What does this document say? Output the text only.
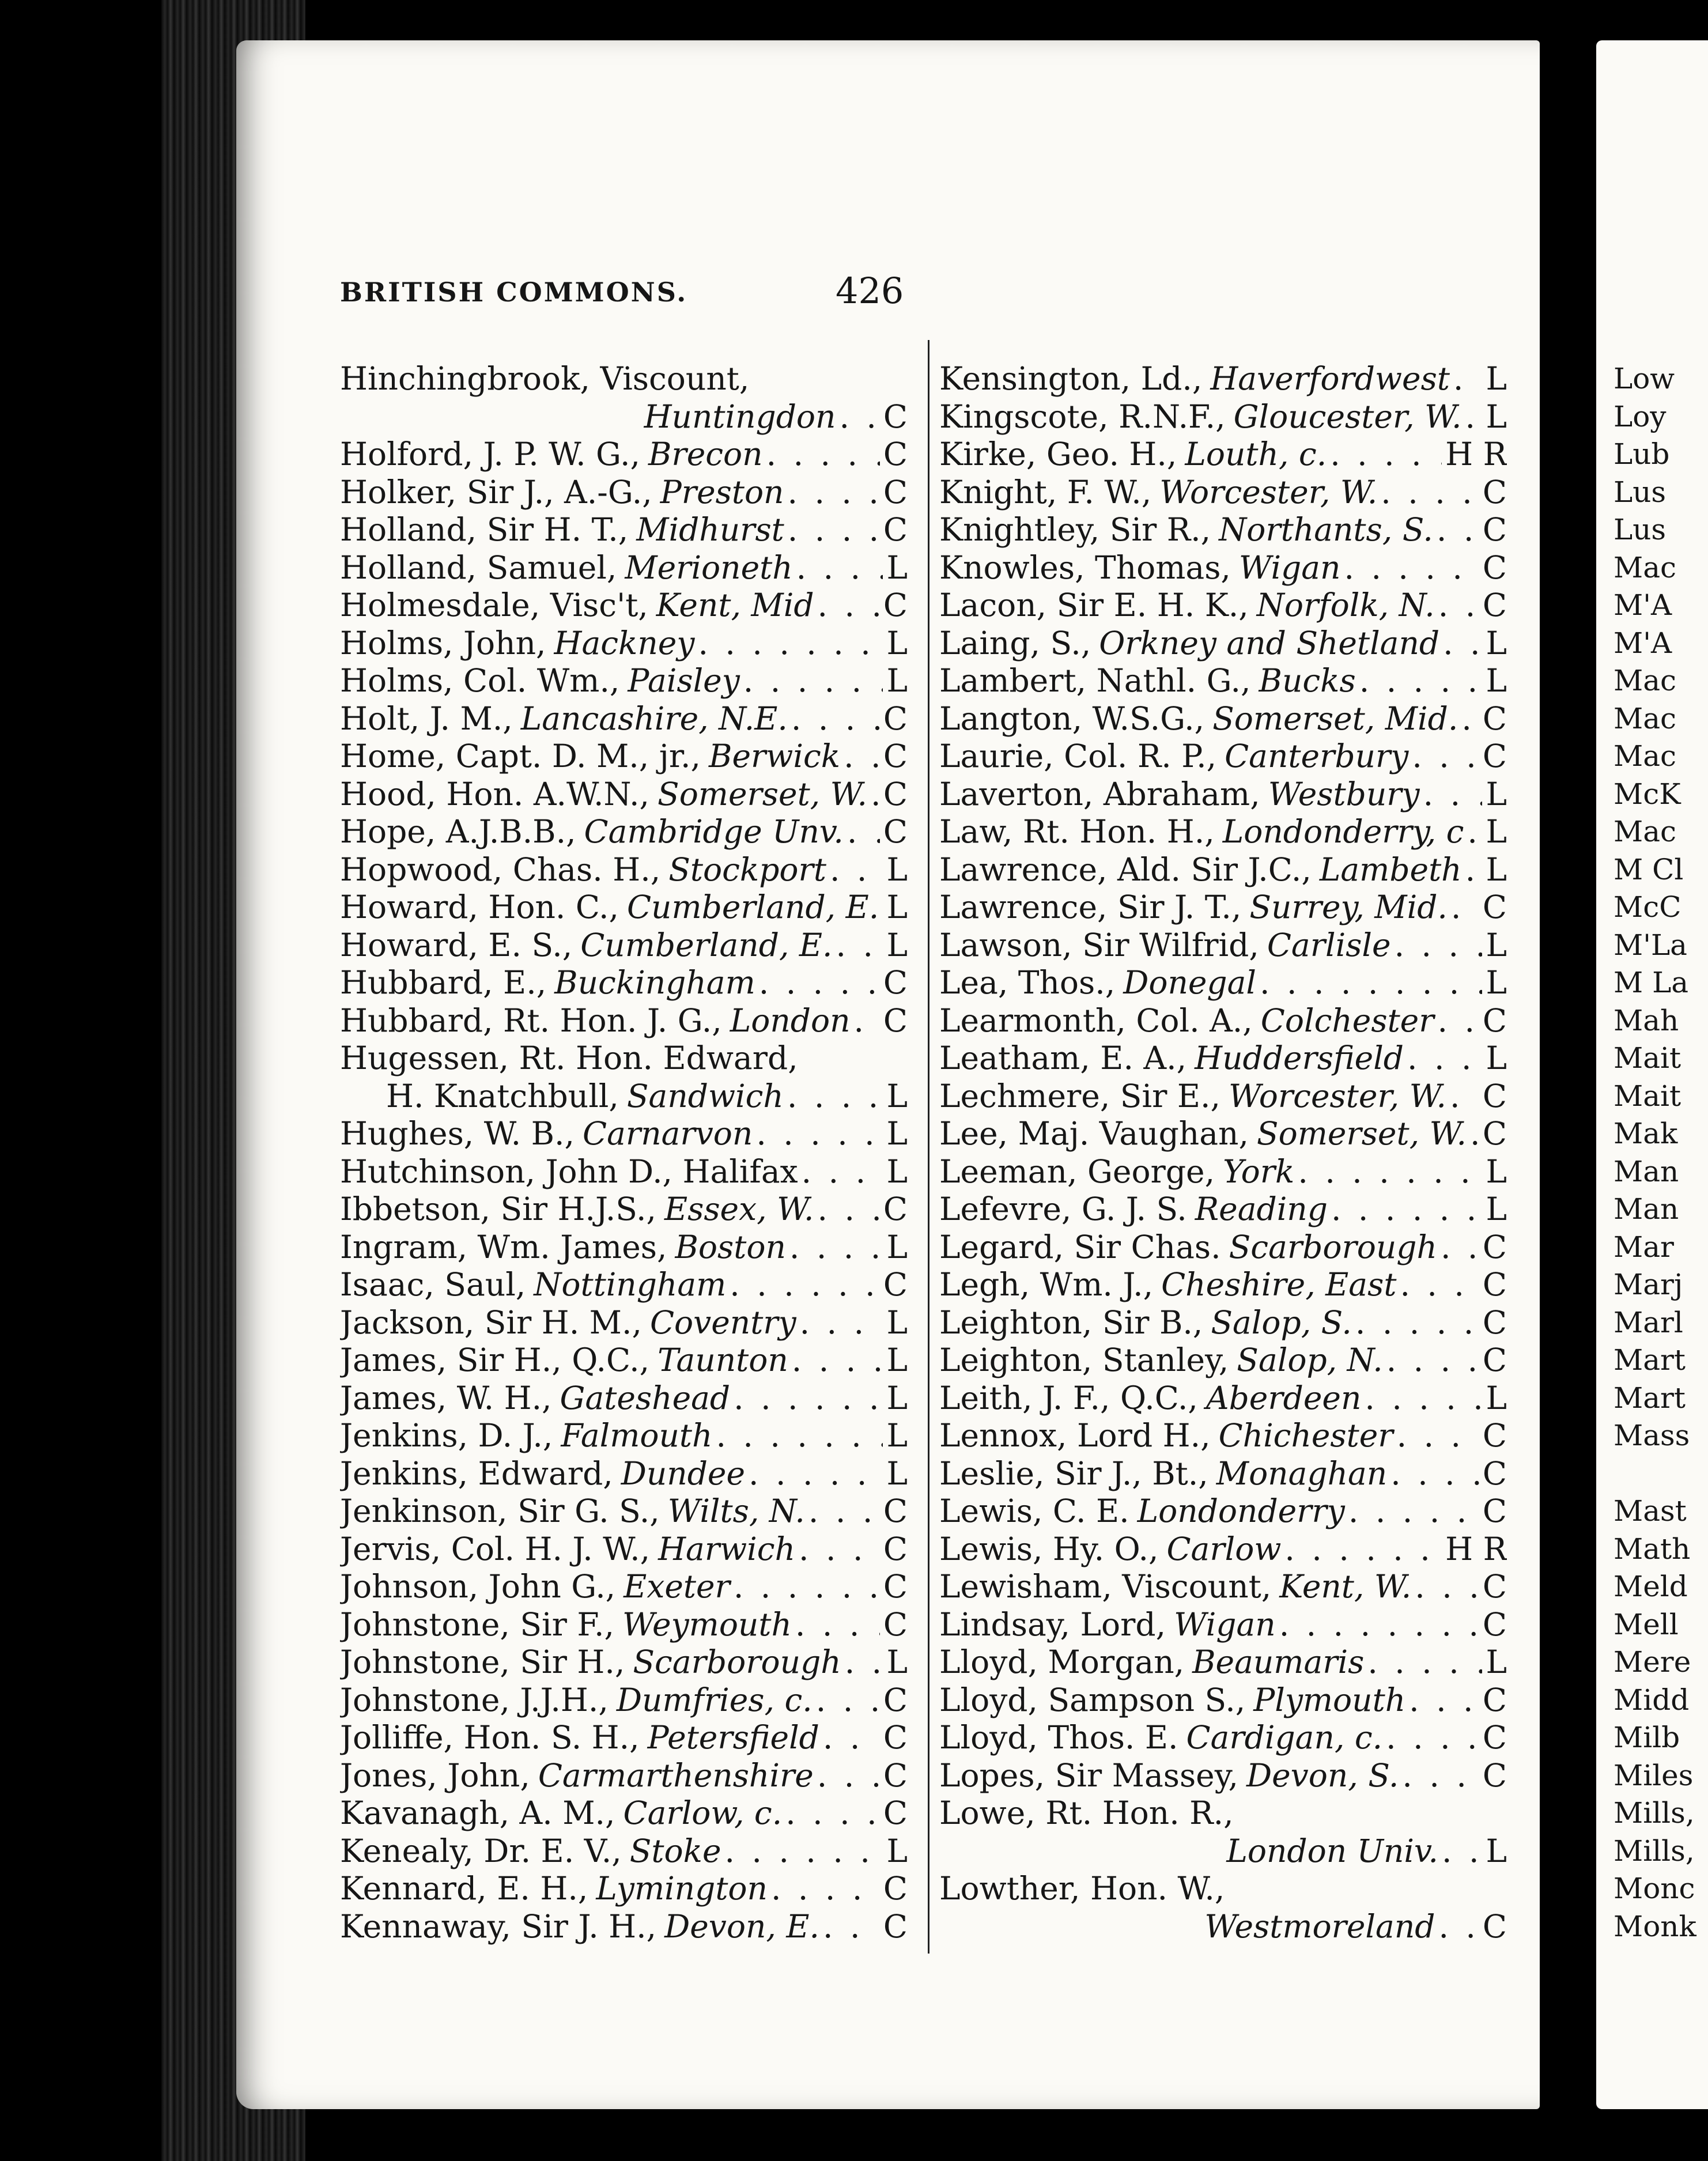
BRITISH COMMONS.	426
Hinchingbrook, Viscount,
Huntingdon . . C
Holford, J. P. W. G., Brecon . . .	C
Holker, Sir J., A.-G., Preston . . .	C
Holland, Sir H. T., Midhurst . . .	C
Holland, Samuel, Merioneth . . .	L
Holmesdale, Visc't, Kent, Mid . . . C
Holms, John, Hackney . . .	L
Holms, Col. Wm., Paisley . . .	L
Holt, J. M., Lancashire, N.E. . . .	C
Home, Capt. D. M., jr., Berwick . . . C
Hood, Hon. A.W.N., Somerset, W. . . . C
Hope, A.J.B.B., Cambridge Unv. . . . C
Hopwood, Chas. H., Stockport . . . L
Howard, Hon. C., Cumberland, E. . . . L
Howard, E. S., Cumberland, E. . . . L
Hubbard, E., Buckingham . . .	C
Hubbard, Rt. Hon. J. G., London . . . C
Hugessen, Rt. Hon. Edward,
H. Knatchbull, Sandwich . . .	L
Hughes, W. B., Carnarvon . . .	L
Hutchinson, John D., Halifax . . .	L
Ibbetson, Sir H.J.S., Essex, W. . . . C
Ingram, Wm. James, Boston . . .	L
Isaac, Saul, Nottingham . . .	C
Jackson, Sir H. M., Coventry . . .	L
James, Sir H., Q.C., Taunton . . .	L
James, W. H., Gateshead . . .	L
Jenkins, D. J., Falmouth . . .	L
Jenkins, Edward, Dundee . . .	L
Jenkinson, Sir G. S., Wilts, N. . . . C
Jervis, Col. H. J. W., Harwich . . .	C
Johnson, John G., Exeter . . .	C
Johnstone, Sir F., Weymouth . . .	C
Johnstone, Sir H., Scarborough . . . L
Johnstone, J.J.H., Dumfries, c. . . . C
Jolliffe, Hon. S. H., Petersfield . . . C
Jones, John, Carmarthenshire . . . C
Kavanagh, A. M., Carlow, c. . . .	C
Kenealy, Dr. E. V., Stoke . . .	L
Kennard, E. H., Lymington . . .	C
Kennaway, Sir J. H., Devon, E. . . . C
Kensington, Ld., Haverfordwest . . . L
Kingscote, R.N.F., Gloucester, W. . . . L
Kirke, Geo. H., Louth, c. . . .	H R
Knight, F. W., Worcester, W. . . .	C
Knightley, Sir R., Northants, S. . . . C
Knowles, Thomas, Wigan . . .	C
Lacon, Sir E. H. K., Norfolk, N. . . . C
Laing, S., Orkney and Shetland . . . L
Lambert, Nathl. G., Bucks . . .	L
Langton, W.S.G., Somerset, Mid. . . . C
Laurie, Col. R. P., Canterbury . . . C
Laverton, Abraham, Westbury . . . L
Law, Rt. Hon. H., Londonderry, c . . . L
Lawrence, Ald. Sir J.C., Lambeth . . . L
Lawrence, Sir J. T., Surrey, Mid. . . . C
Lawson, Sir Wilfrid, Carlisle . . .	L
Lea, Thos., Donegal . . .	L
Learmonth, Col. A., Colchester . . . C
Leatham, E. A., Huddersfield . . .	L
Lechmere, Sir E., Worcester, W. . . . C
Lee, Maj. Vaughan, Somerset, W. . . . C
Leeman, George, York . . .	L
Lefevre, G. J. S. Reading . . .	L
Legard, Sir Chas. Scarborough . . . C
Legh, Wm. J., Cheshire, East . . .	C
Leighton, Sir B., Salop, S. . . .	C
Leighton, Stanley, Salop, N. . . .	C
Leith, J. F., Q.C., Aberdeen . . .	L
Lennox, Lord H., Chichester . . .	C
Leslie, Sir J., Bt., Monaghan . . .	C
Lewis, C. E. Londonderry . . .	C
Lewis, Hy. O., Carlow . . .	H R
Lewisham, Viscount, Kent, W. . . . C
Lindsay, Lord, Wigan . . .	C
Lloyd, Morgan, Beaumaris . . .	L
Lloyd, Sampson S., Plymouth . . . C
Lloyd, Thos. E. Cardigan, c. . . .	C
Lopes, Sir Massey, Devon, S. . . .	C
Lowe, Rt. Hon. R.,
London Univ. . . L
Lowther, Hon. W.,
Westmoreland . . C
Low
Loy
Lub
Lus
Lus
Mac
M'A
M'A
Mac
Mac
Mac
McK
Mac
M Cl
McC
M'La
M La
Mah
Mait
Mait
Mak
Man
Man
Mar
Marj
Marl
Mart
Mart
Mass
Mast
Math
Meld
Mell
Mere
Midd
Milb
Miles
Mills,
Mills,
Monc
Monk
